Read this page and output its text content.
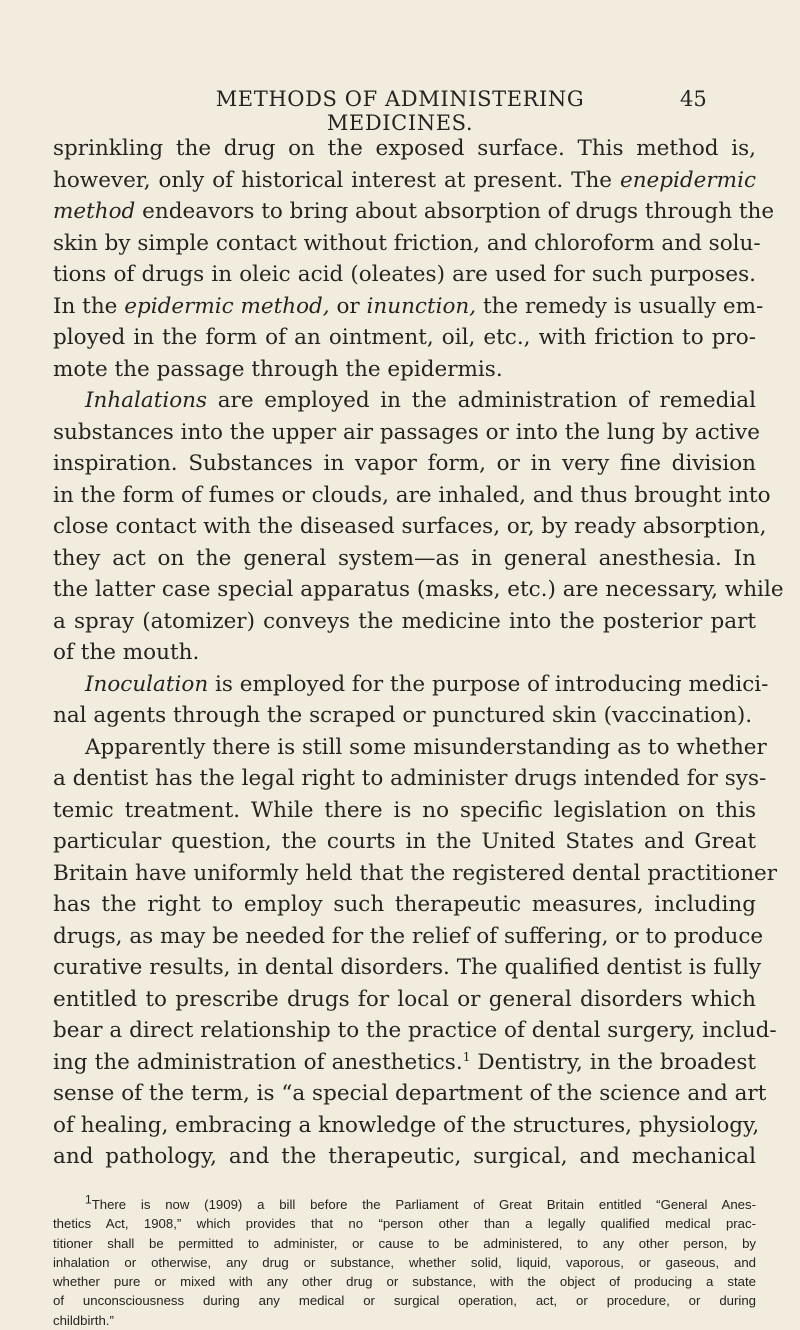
METHODS OF ADMINISTERING MEDICINES.
45
sprinkling the drug on the exposed surface. This method is,
however, only of historical interest at present. The enepidermic
method endeavors to bring about absorption of drugs through the
skin by simple contact without friction, and chloroform and solu-
tions of drugs in oleic acid (oleates) are used for such purposes.
In the epidermic method, or inunction, the remedy is usually em-
ployed in the form of an ointment, oil, etc., with friction to pro-
mote the passage through the epidermis.
Inhalations are employed in the administration of remedial
substances into the upper air passages or into the lung by active
inspiration. Substances in vapor form, or in very fine division
in the form of fumes or clouds, are inhaled, and thus brought into
close contact with the diseased surfaces, or, by ready absorption,
they act on the general system—as in general anesthesia. In
the latter case special apparatus (masks, etc.) are necessary, while
a spray (atomizer) conveys the medicine into the posterior part
of the mouth.
Inoculation is employed for the purpose of introducing medici-
nal agents through the scraped or punctured skin (vaccination).
Apparently there is still some misunderstanding as to whether
a dentist has the legal right to administer drugs intended for sys-
temic treatment. While there is no specific legislation on this
particular question, the courts in the United States and Great
Britain have uniformly held that the registered dental practitioner
has the right to employ such therapeutic measures, including
drugs, as may be needed for the relief of suffering, or to produce
curative results, in dental disorders. The qualified dentist is fully
entitled to prescribe drugs for local or general disorders which
bear a direct relationship to the practice of dental surgery, includ-
ing the administration of anesthetics.$^1$ Dentistry, in the broadest
sense of the term, is “a special department of the science and art
of healing, embracing a knowledge of the structures, physiology,
and pathology, and the therapeutic, surgical, and mechanical
$^1$There is now (1909) a bill before the Parliament of Great Britain entitled “General Anes-
thetics Act, 1908,” which provides that no “person other than a legally qualified medical prac-
titioner shall be permitted to administer, or cause to be administered, to any other person, by
inhalation or otherwise, any drug or substance, whether solid, liquid, vaporous, or gaseous, and
whether pure or mixed with any other drug or substance, with the object of producing a state
of unconsciousness during any medical or surgical operation, act, or procedure, or during
childbirth.”
